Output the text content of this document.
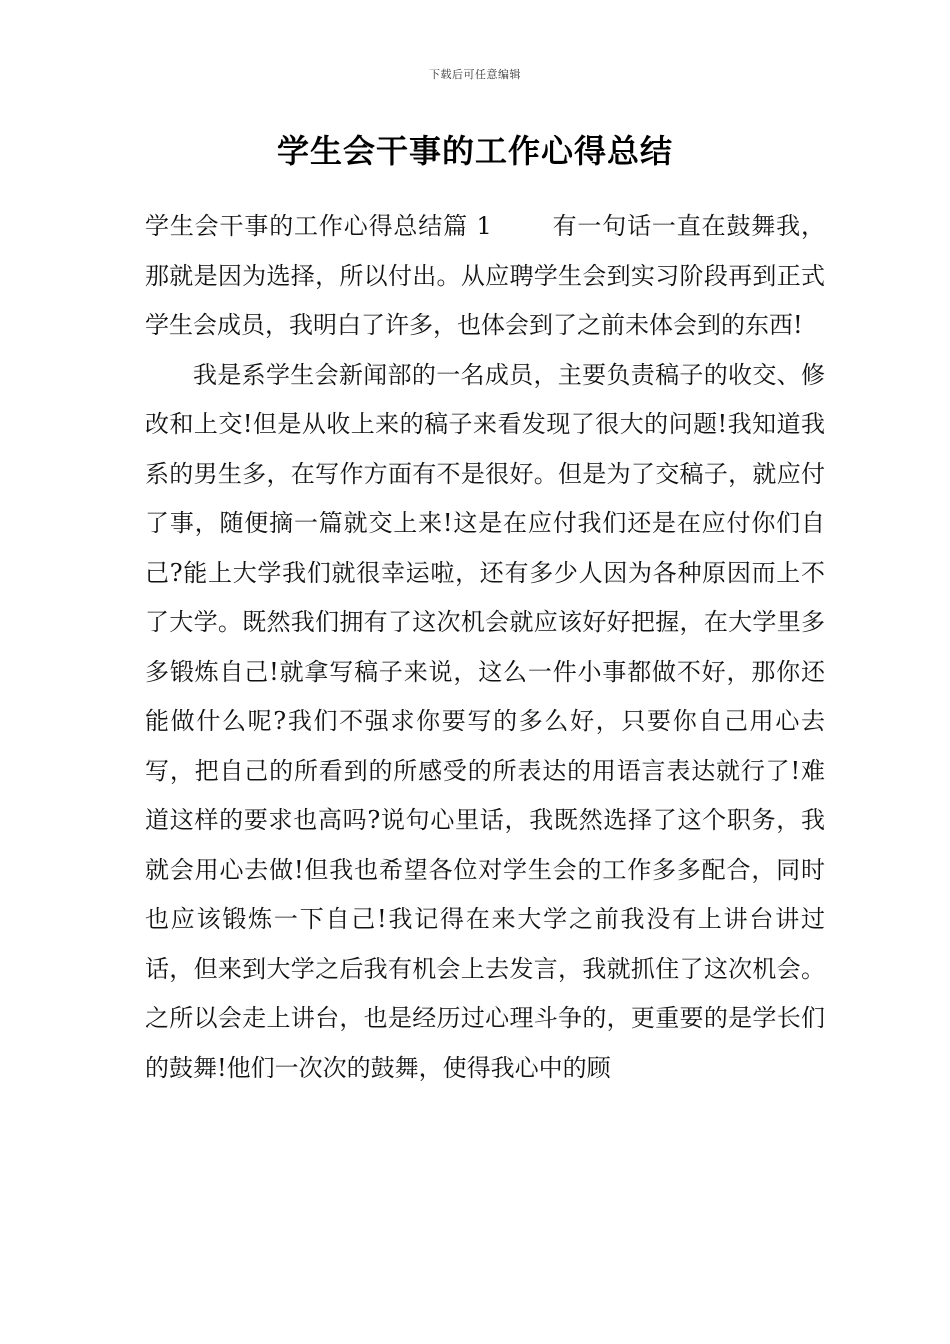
下载后可任意编辑
学生会干事的工作心得总结

学生会干事的工作心得总结篇 1	有一句话一直在鼓舞我，那就是因为选择，所以付出。从应聘学生会到实习阶段再到正式学生会成员，我明白了许多，也体会到了之前未体会到的东西!

我是系学生会新闻部的一名成员，主要负责稿子的收交、修改和上交!但是从收上来的稿子来看发现了很大的问题!我知道我系的男生多，在写作方面有不是很好。但是为了交稿子，就应付了事，随便摘一篇就交上来!这是在应付我们还是在应付你们自己?能上大学我们就很幸运啦，还有多少人因为各种原因而上不了大学。既然我们拥有了这次机会就应该好好把握，在大学里多多锻炼自己!就拿写稿子来说，这么一件小事都做不好，那你还能做什么呢?我们不强求你要写的多么好，只要你自己用心去写，把自己的所看到的所感受的所表达的用语言表达就行了!难道这样的要求也高吗?说句心里话，我既然选择了这个职务，我就会用心去做!但我也希望各位对学生会的工作多多配合，同时也应该锻炼一下自己!我记得在来大学之前我没有上讲台讲过话，但来到大学之后我有机会上去发言，我就抓住了这次机会。之所以会走上讲台，也是经历过心理斗争的，更重要的是学长们的鼓舞!他们一次次的鼓舞，使得我心中的顾
